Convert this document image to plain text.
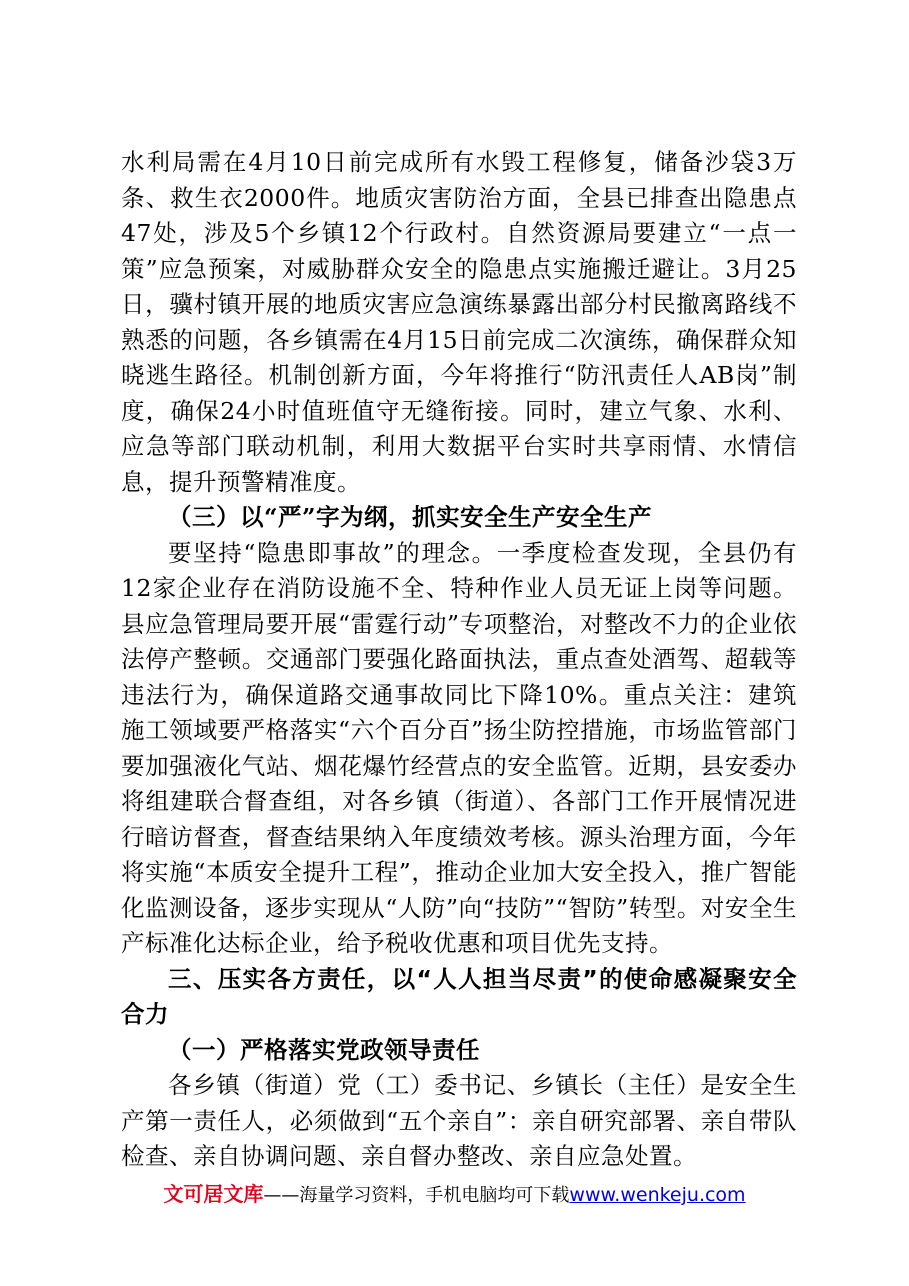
水利局需在4月10日前完成所有水毁工程修复，储备沙袋3万条、救生衣2000件。地质灾害防治方面，全县已排查出隐患点47处，涉及5个乡镇12个行政村。自然资源局要建立“一点一策”应急预案，对威胁群众安全的隐患点实施搬迁避让。3月25日，骥村镇开展的地质灾害应急演练暴露出部分村民撤离路线不熟悉的问题，各乡镇需在4月15日前完成二次演练，确保群众知晓逃生路径。机制创新方面，今年将推行“防汛责任人AB岗”制度，确保24小时值班值守无缝衔接。同时，建立气象、水利、应急等部门联动机制，利用大数据平台实时共享雨情、水情信息，提升预警精准度。

（三）以“严”字为纲，抓实安全生产安全生产

要坚持“隐患即事故”的理念。一季度检查发现，全县仍有12家企业存在消防设施不全、特种作业人员无证上岗等问题。县应急管理局要开展“雷霆行动”专项整治，对整改不力的企业依法停产整顿。交通部门要强化路面执法，重点查处酒驾、超载等违法行为，确保道路交通事故同比下降10%。重点关注：建筑施工领域要严格落实“六个百分百”扬尘防控措施，市场监管部门要加强液化气站、烟花爆竹经营点的安全监管。近期，县安委办将组建联合督查组，对各乡镇（街道）、各部门工作开展情况进行暗访督查，督查结果纳入年度绩效考核。源头治理方面，今年将实施“本质安全提升工程”，推动企业加大安全投入，推广智能化监测设备，逐步实现从“人防”向“技防”“智防”转型。对安全生产标准化达标企业，给予税收优惠和项目优先支持。

三、压实各方责任，以“人人担当尽责”的使命感凝聚安全合力

（一）严格落实党政领导责任

各乡镇（街道）党（工）委书记、乡镇长（主任）是安全生产第一责任人，必须做到“五个亲自”：亲自研究部署、亲自带队检查、亲自协调问题、亲自督办整改、亲自应急处置。

文可居文库——海量学习资料，手机电脑均可下载www.wenkeju.com
